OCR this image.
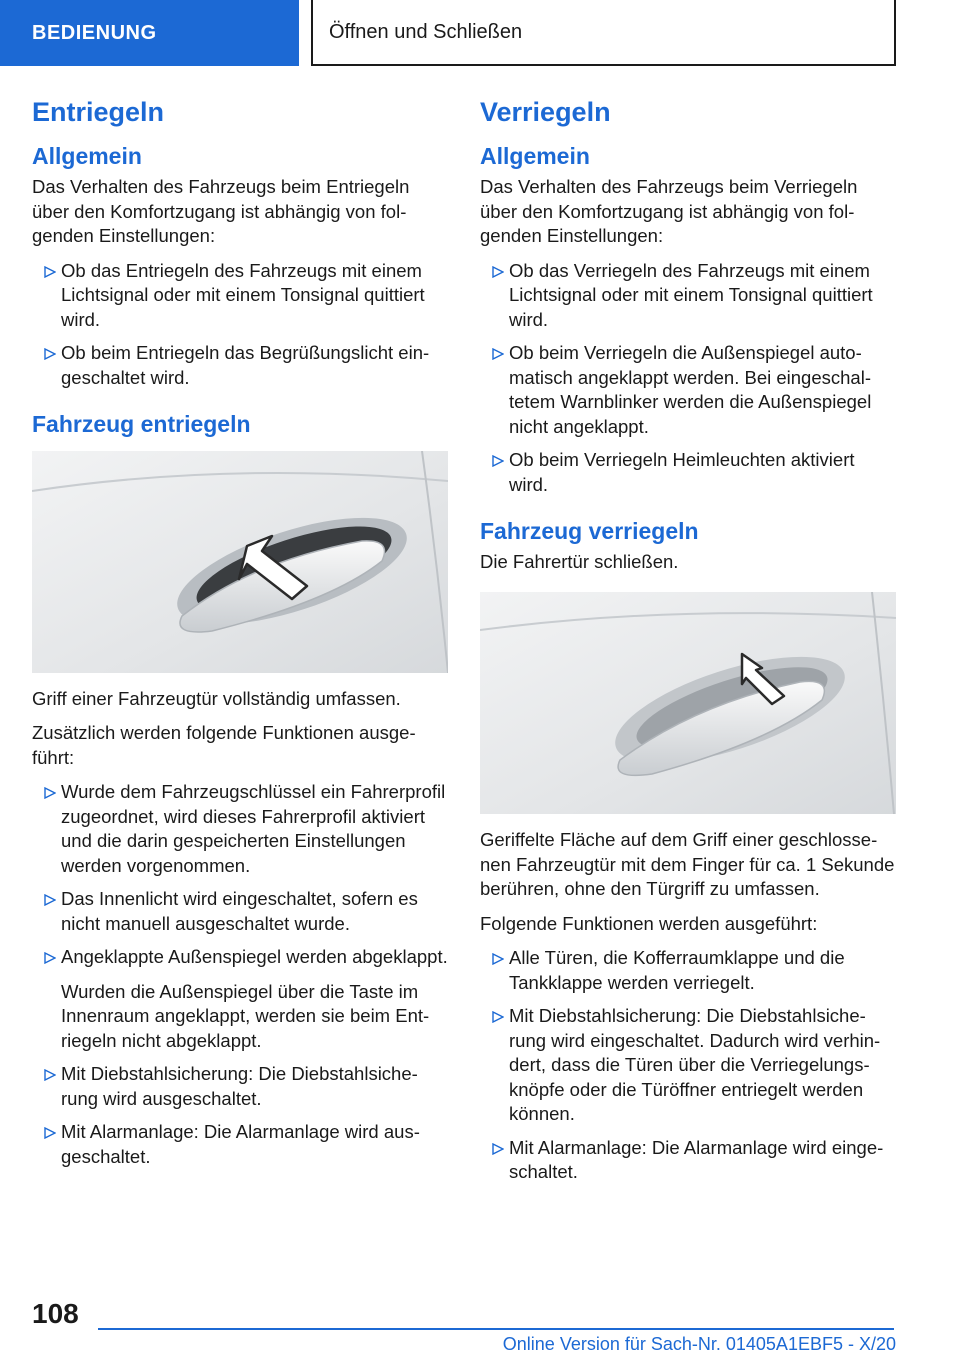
BEDIENUNG	Öffnen und Schließen
Entriegeln
Allgemein

Das Verhalten des Fahrzeugs beim Entriegeln über den Komfortzugang ist abhängig von folgenden Einstellungen:

Ob das Entriegeln des Fahrzeugs mit einem Lichtsignal oder mit einem Tonsignal quittiert wird.
Ob beim Entriegeln das Begrüßungslicht eingeschaltet wird.
Fahrzeug entriegeln

Griff einer Fahrzeugtür vollständig umfassen.

Zusätzlich werden folgende Funktionen ausgeführt:

Wurde dem Fahrzeugschlüssel ein Fahrerprofil zugeordnet, wird dieses Fahrerprofil aktiviert und die darin gespeicherten Einstellungen werden vorgenommen.
Das Innenlicht wird eingeschaltet, sofern es nicht manuell ausgeschaltet wurde.
Angeklappte Außenspiegel werden abgeklappt.
Wurden die Außenspiegel über die Taste im Innenraum angeklappt, werden sie beim Entriegeln nicht abgeklappt.
Mit Diebstahlsicherung: Die Diebstahlsicherung wird ausgeschaltet.
Mit Alarmanlage: Die Alarmanlage wird ausgeschaltet.
Verriegeln
Allgemein

Das Verhalten des Fahrzeugs beim Verriegeln über den Komfortzugang ist abhängig von folgenden Einstellungen:

Ob das Verriegeln des Fahrzeugs mit einem Lichtsignal oder mit einem Tonsignal quittiert wird.
Ob beim Verriegeln die Außenspiegel automatisch angeklappt werden. Bei eingeschaltetem Warnblinker werden die Außenspiegel nicht angeklappt.
Ob beim Verriegeln Heimleuchten aktiviert wird.
Fahrzeug verriegeln

Die Fahrertür schließen.

Geriffelte Fläche auf dem Griff einer geschlossenen Fahrzeugtür mit dem Finger für ca. 1 Sekunde berühren, ohne den Türgriff zu umfassen.

Folgende Funktionen werden ausgeführt:

Alle Türen, die Kofferraumklappe und die Tankklappe werden verriegelt.
Mit Diebstahlsicherung: Die Diebstahlsicherung wird eingeschaltet. Dadurch wird verhindert, dass die Türen über die Verriegelungsknöpfe oder die Türöffner entriegelt werden können.
Mit Alarmanlage: Die Alarmanlage wird eingeschaltet.
108
Online Version für Sach-Nr. 01405A1EBF5 - X/20
